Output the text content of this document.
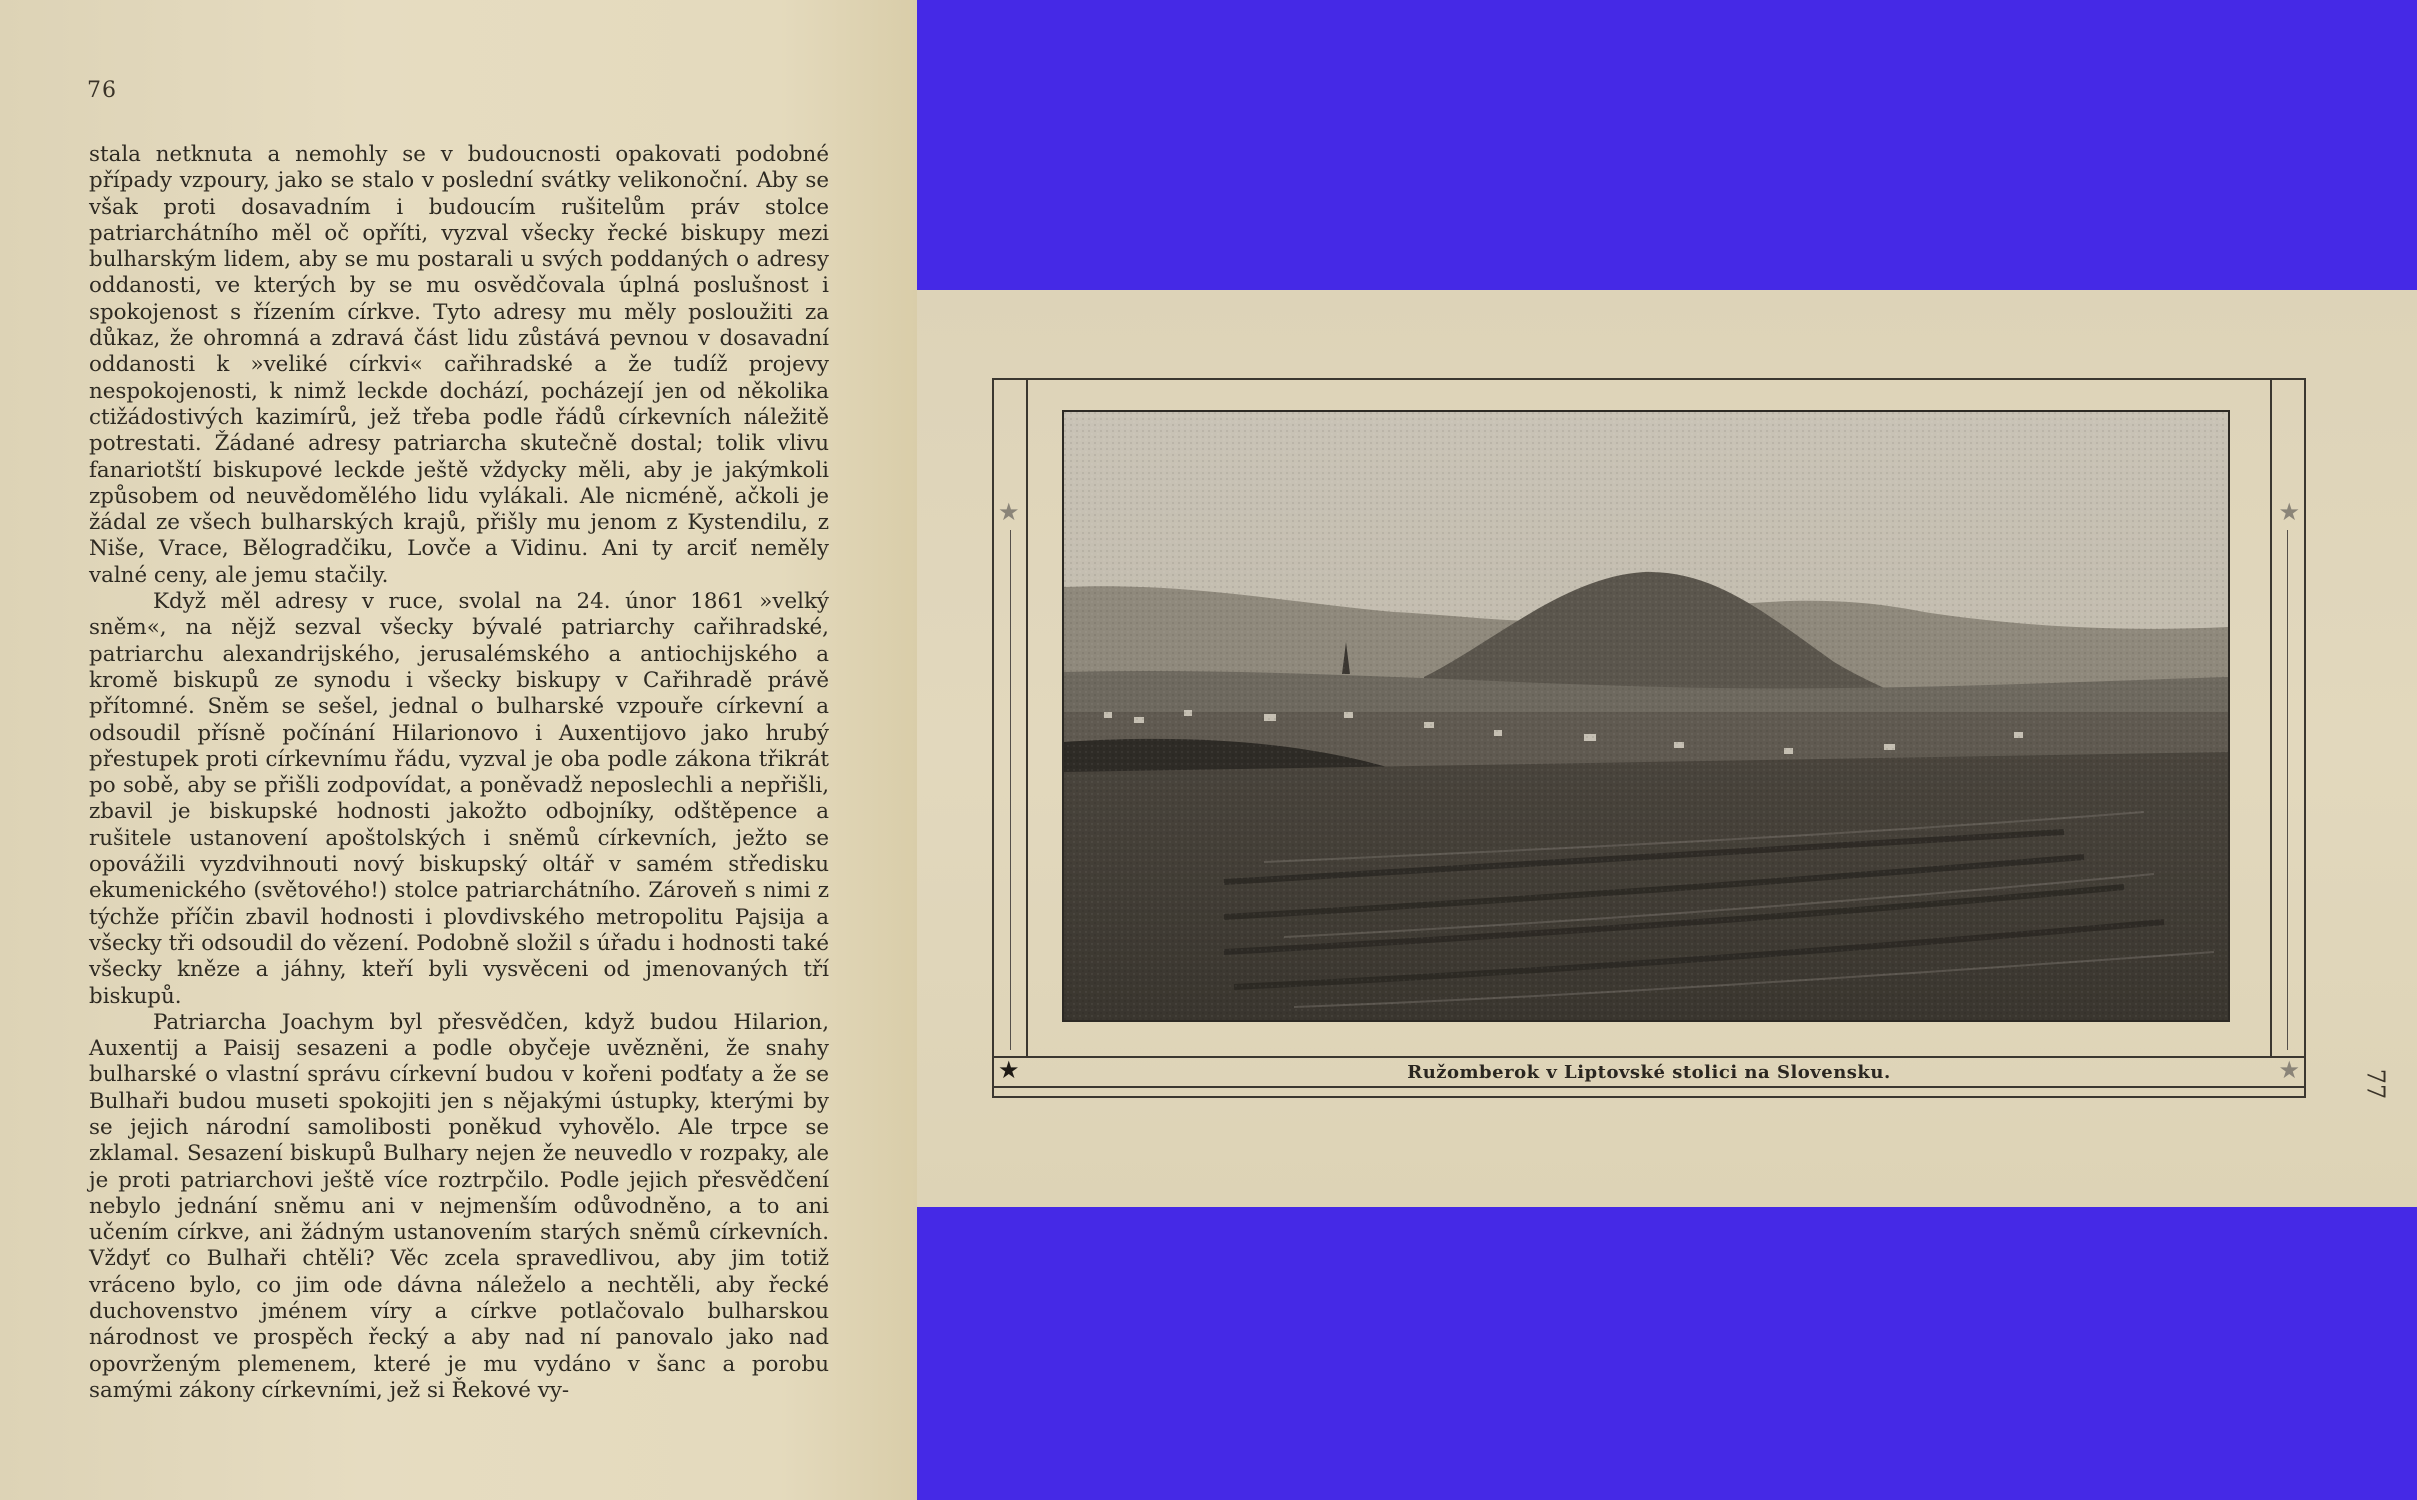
76

stala netknuta a nemohly se v budoucnosti opakovati podobné případy vzpoury, jako se stalo v poslední svátky velikonoční. Aby se však proti dosavadním i budoucím rušitelům práv stolce patriarchátního měl oč opříti, vyzval všecky řecké biskupy mezi bulharským lidem, aby se mu postarali u svých poddaných o adresy oddanosti, ve kterých by se mu osvědčovala úplná poslušnost i spokojenost s řízením církve. Tyto adresy mu měly posloužiti za důkaz, že ohromná a zdravá část lidu zůstává pevnou v dosavadní oddanosti k »veliké církvi« cařihradské a že tudíž projevy nespokojenosti, k nimž leckde dochází, pocházejí jen od několika ctižádostivých kazimírů, jež třeba podle řádů církevních náležitě potrestati. Žádané adresy patriarcha skutečně dostal; tolik vlivu fanariotští biskupové leckde ještě vždycky měli, aby je jakýmkoli způsobem od neuvědomělého lidu vylákali. Ale nicméně, ačkoli je žádal ze všech bulharských krajů, přišly mu jenom z Kystendilu, z Niše, Vrace, Bělogradčiku, Lovče a Vidinu. Ani ty arciť neměly valné ceny, ale jemu stačily.

Když měl adresy v ruce, svolal na 24. únor 1861 »velký sněm«, na nějž sezval všecky bývalé patriarchy cařihradské, patriarchu alexandrijského, jerusalémského a antiochijského a kromě biskupů ze synodu i všecky biskupy v Cařihradě právě přítomné. Sněm se sešel, jednal o bulharské vzpouře církevní a odsoudil přísně počínání Hilarionovo i Auxentijovo jako hrubý přestupek proti církevnímu řádu, vyzval je oba podle zákona třikrát po sobě, aby se přišli zodpovídat, a poněvadž neposlechli a nepřišli, zbavil je biskupské hodnosti jakožto odbojníky, odštěpence a rušitele ustanovení apoštolských i sněmů církevních, ježto se opovážili vyzdvihnouti nový biskupský oltář v samém středisku ekumenického (světového!) stolce patriarchátního. Zároveň s nimi z týchže příčin zbavil hodnosti i plovdivského metropolitu Pajsija a všecky tři odsoudil do vězení. Podobně složil s úřadu i hodnosti také všecky kněze a jáhny, kteří byli vysvěceni od jmenovaných tří biskupů.

Patriarcha Joachym byl přesvědčen, když budou Hilarion, Auxentij a Paisij sesazeni a podle obyčeje uvězněni, že snahy bulharské o vlastní správu církevní budou v kořeni podťaty a že se Bulhaři budou museti spokojiti jen s nějakými ústupky, kterými by se jejich národní samolibosti poněkud vyhovělo. Ale trpce se zklamal. Sesazení biskupů Bulhary nejen že neuvedlo v rozpaky, ale je proti patriarchovi ještě více roztrpčilo. Podle jejich přesvědčení nebylo jednání sněmu ani v nejmenším odůvodněno, a to ani učením církve, ani žádným ustanovením starých sněmů církevních. Vždyť co Bulhaři chtěli? Věc zcela spravedlivou, aby jim totiž vráceno bylo, co jim ode dávna náleželo a nechtěli, aby řecké duchovenstvo jménem víry a církve potlačovalo bulharskou národnost ve prospěch řecký a aby nad ní panovalo jako nad opovrženým plemenem, které je mu vydáno v šanc a porobu samými zákony církevními, jež si Řekové vy-

★	★
★	★
Ružomberok v Liptovské stolici na Slovensku.	77
